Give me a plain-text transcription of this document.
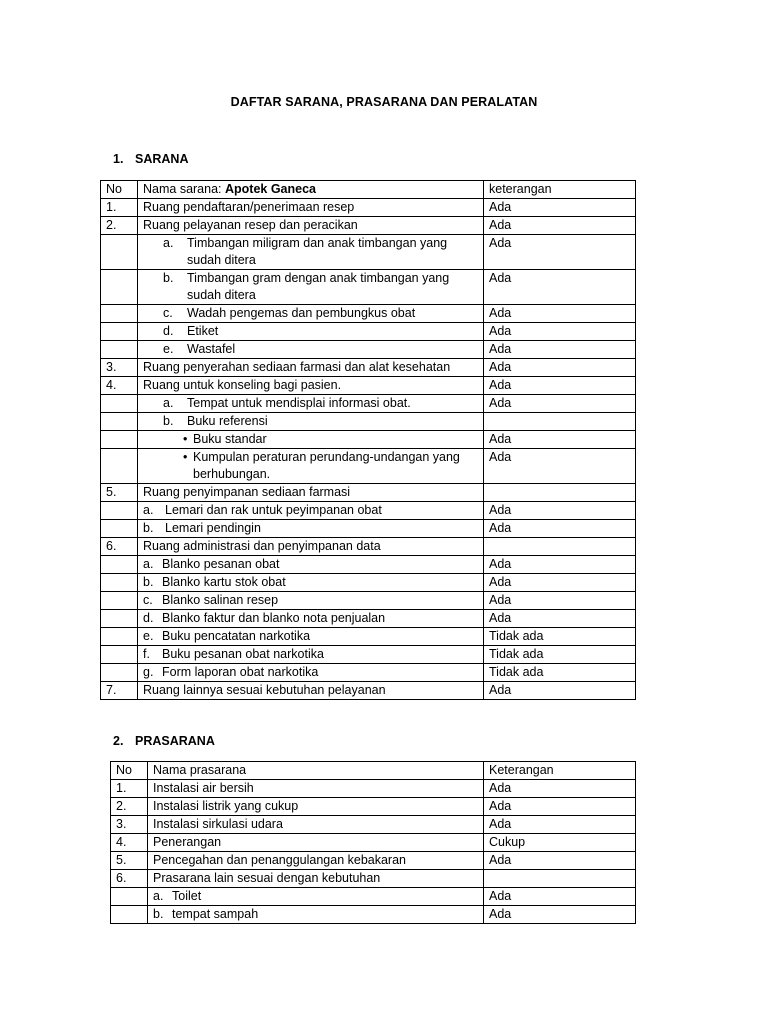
DAFTAR SARANA, PRASARANA DAN PERALATAN
1. SARANA
No	Nama sarana: Apotek Ganeca	keterangan
1.	Ruang pendaftaran/penerimaan resep	Ada
2.	Ruang pelayanan resep dan peracikan	Ada

	a. Timbangan miligram dan anak timbangan yang sudah ditera	Ada

	b. Timbangan gram dengan anak timbangan yang sudah ditera	Ada

	c. Wadah pengemas dan pembungkus obat	Ada

	d. Etiket	Ada

	e. Wastafel	Ada
3.	Ruang penyerahan sediaan farmasi dan alat kesehatan	Ada
4.	Ruang untuk konseling bagi pasien.	Ada

	a. Tempat untuk mendisplai informasi obat.	Ada

	b. Buku referensi	

	• Buku standar	Ada

	• Kumpulan peraturan perundang-undangan yang berhubungan.	Ada
5.	Ruang penyimpanan sediaan farmasi	

	a. Lemari dan rak untuk peyimpanan obat	Ada

	b. Lemari pendingin	Ada
6.	Ruang administrasi dan penyimpanan data	

	a. Blanko pesanan obat	Ada

	b. Blanko kartu stok obat	Ada

	c. Blanko salinan resep	Ada

	d. Blanko faktur dan blanko nota penjualan	Ada

	e. Buku pencatatan narkotika	Tidak ada

	f. Buku pesanan obat narkotika	Tidak ada

	g. Form laporan obat narkotika	Tidak ada
7.	Ruang lainnya sesuai kebutuhan pelayanan	Ada
2. PRASARANA
No	Nama prasarana	Keterangan
1.	Instalasi air bersih	Ada
2.	Instalasi listrik yang cukup	Ada
3.	Instalasi sirkulasi udara	Ada
4.	Penerangan	Cukup
5.	Pencegahan dan penanggulangan kebakaran	Ada
6.	Prasarana lain sesuai dengan kebutuhan	

	a. Toilet	Ada

	b. tempat sampah	Ada
